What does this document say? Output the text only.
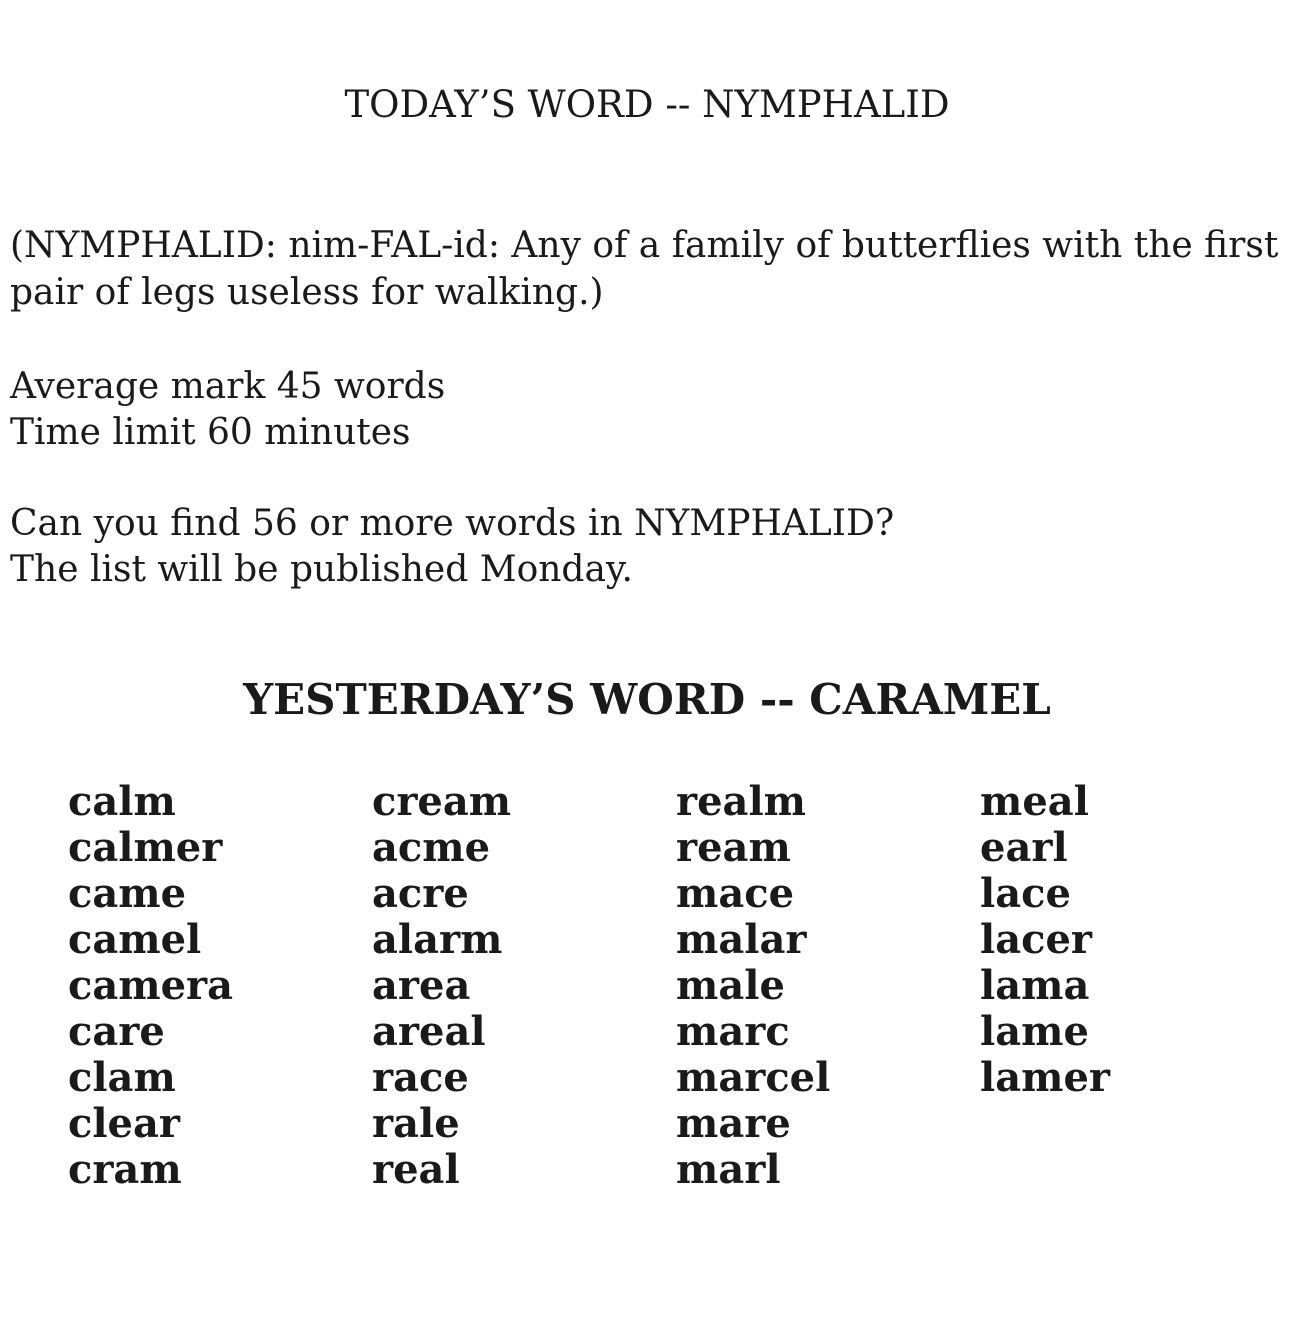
TODAY’S WORD -- NYMPHALID

(NYMPHALID: nim-FAL-id: Any of a family of butterflies with the first pair of legs useless for walking.)

Average mark 45 words
Time limit 60 minutes
Can you find 56 or more words in NYMPHALID?
The list will be published Monday.
YESTERDAY’S WORD -- CARAMEL
calm
calmer
came
camel
camera
care
clam
clear
cram
cream
acme
acre
alarm
area
areal
race
rale
real
realm
ream
mace
malar
male
marc
marcel
mare
marl
meal
earl
lace
lacer
lama
lame
lamer
